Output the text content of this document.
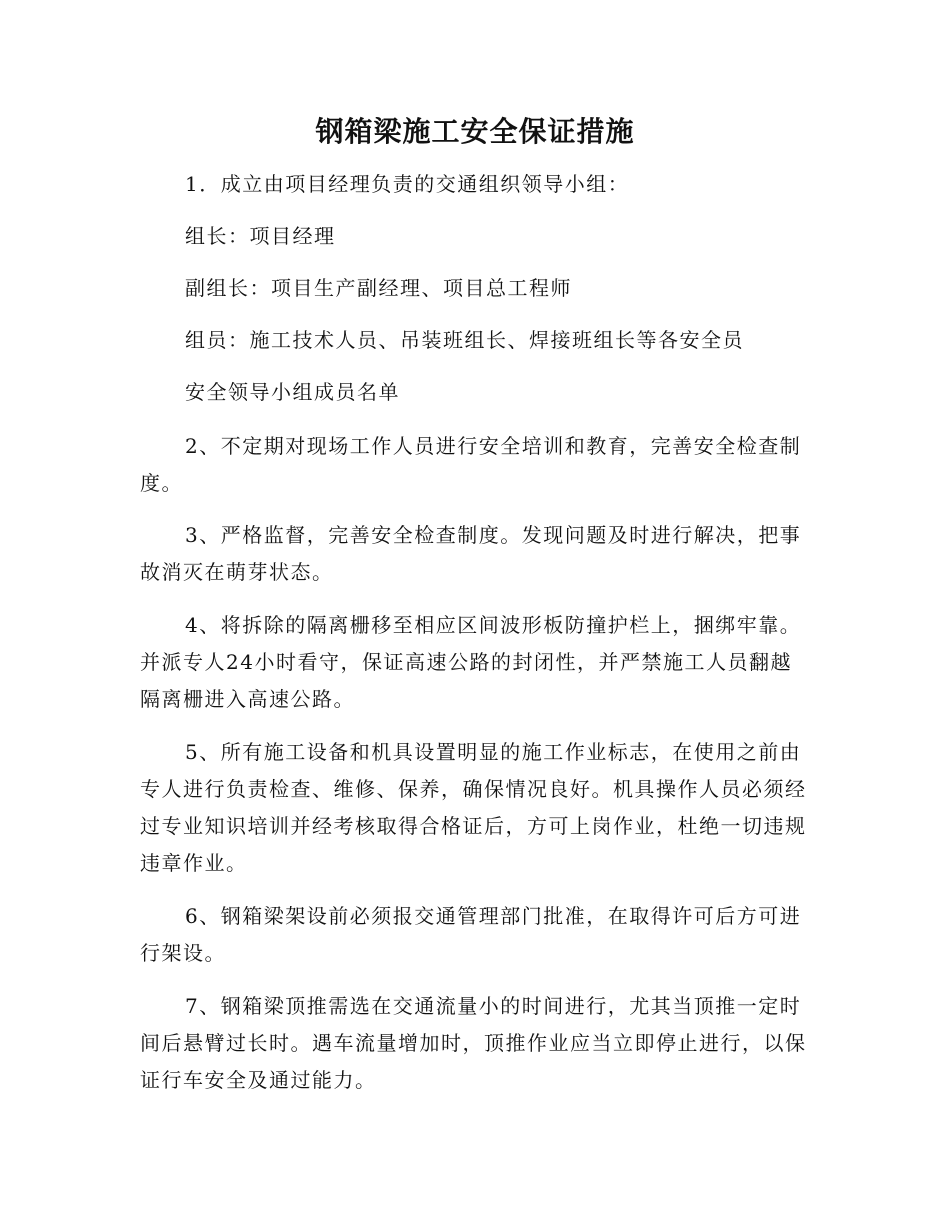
钢箱梁施工安全保证措施

1．成立由项目经理负责的交通组织领导小组：

组长：项目经理

副组长：项目生产副经理、项目总工程师

组员：施工技术人员、吊装班组长、焊接班组长等各安全员

安全领导小组成员名单

2、不定期对现场工作人员进行安全培训和教育，完善安全检查制度。

3、严格监督，完善安全检查制度。发现问题及时进行解决，把事故消灭在萌芽状态。

4、将拆除的隔离栅移至相应区间波形板防撞护栏上，捆绑牢靠。并派专人24小时看守，保证高速公路的封闭性，并严禁施工人员翻越隔离栅进入高速公路。

5、所有施工设备和机具设置明显的施工作业标志，在使用之前由专人进行负责检查、维修、保养，确保情况良好。机具操作人员必须经过专业知识培训并经考核取得合格证后，方可上岗作业，杜绝一切违规违章作业。

6、钢箱梁架设前必须报交通管理部门批准，在取得许可后方可进行架设。

7、钢箱梁顶推需选在交通流量小的时间进行，尤其当顶推一定时间后悬臂过长时。遇车流量增加时，顶推作业应当立即停止进行，以保证行车安全及通过能力。
